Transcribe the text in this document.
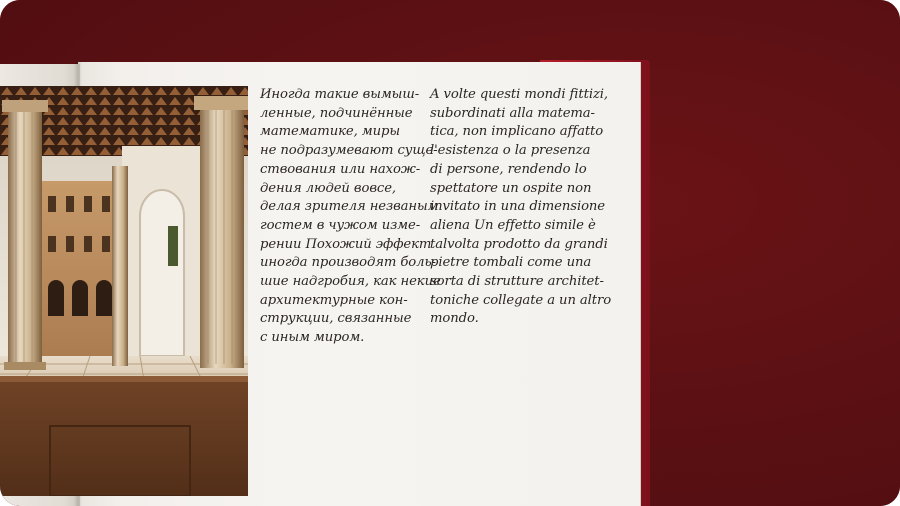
Иногда такие вымыш-
ленные, подчинённые
математике, миры
не подразумевают суще-
ствования или нахож-
дения людей вовсе,
делая зрителя незваным
гостем в чужом изме-
рении Похожий эффект
иногда производят боль-
шие надгробия, как некие
архитектурные кон-
струкции, связанные
с иным миром.
A volte questi mondi fittizi,
subordinati alla matema-
tica, non implicano affatto
l'esistenza o la presenza
di persone, rendendo lo
spettatore un ospite non
invitato in una dimensione
aliena Un effetto simile è
talvolta prodotto da grandi
pietre tombali come una
sorta di strutture architet-
toniche collegate a un altro
mondo.
